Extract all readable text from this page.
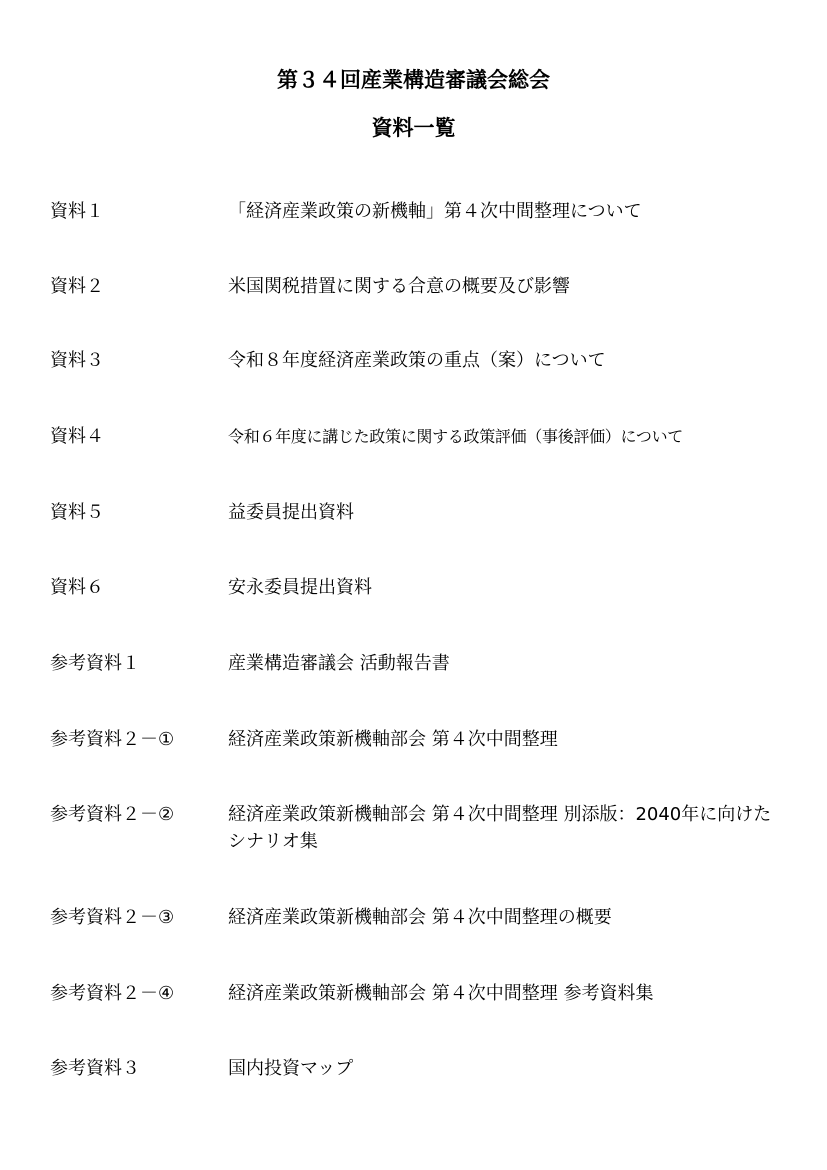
第３４回産業構造審議会総会
資料一覧
資料１	「経済産業政策の新機軸」第４次中間整理について
資料２	米国関税措置に関する合意の概要及び影響
資料３	令和８年度経済産業政策の重点（案）について
資料４	令和６年度に講じた政策に関する政策評価（事後評価）について
資料５	益委員提出資料
資料６	安永委員提出資料
参考資料１	産業構造審議会 活動報告書
参考資料２－①	経済産業政策新機軸部会 第４次中間整理
参考資料２－②	経済産業政策新機軸部会 第４次中間整理 別添版：2040年に向けたシナリオ集
参考資料２－③	経済産業政策新機軸部会 第４次中間整理の概要
参考資料２－④	経済産業政策新機軸部会 第４次中間整理 参考資料集
参考資料３	国内投資マップ
